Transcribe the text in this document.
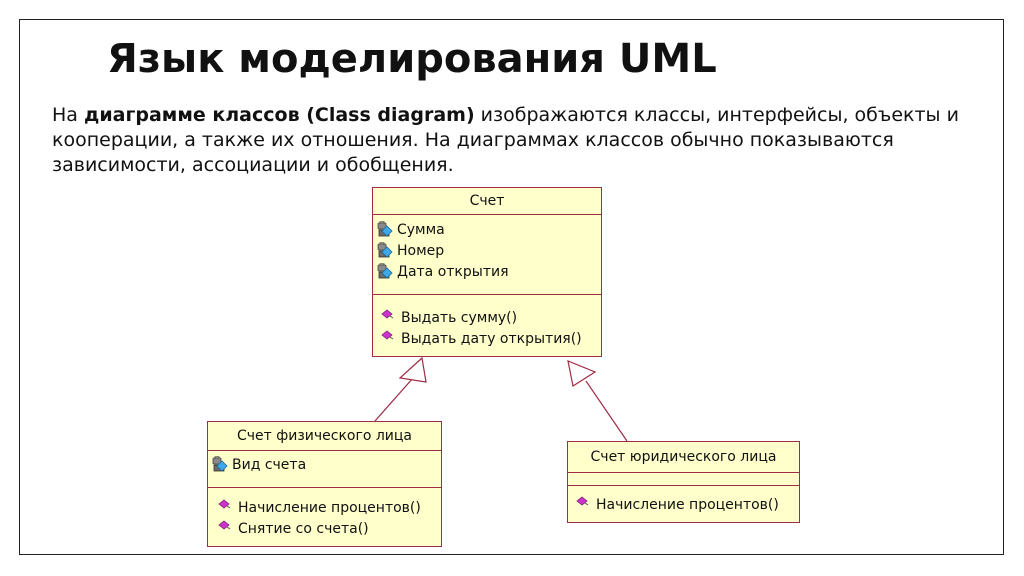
Язык моделирования UML
На диаграмме классов (Class diagram) изображаются классы, интерфейсы, объекты и кооперации, а также их отношения. На диаграммах классов обычно показываются зависимости, ассоциации и обобщения.
Счет
Сумма
Номер
Дата открытия
Выдать сумму()
Выдать дату открытия()
Счет физического лица
Вид счета
Начисление процентов()
Снятие со счета()
Счет юридического лица
Начисление процентов()
